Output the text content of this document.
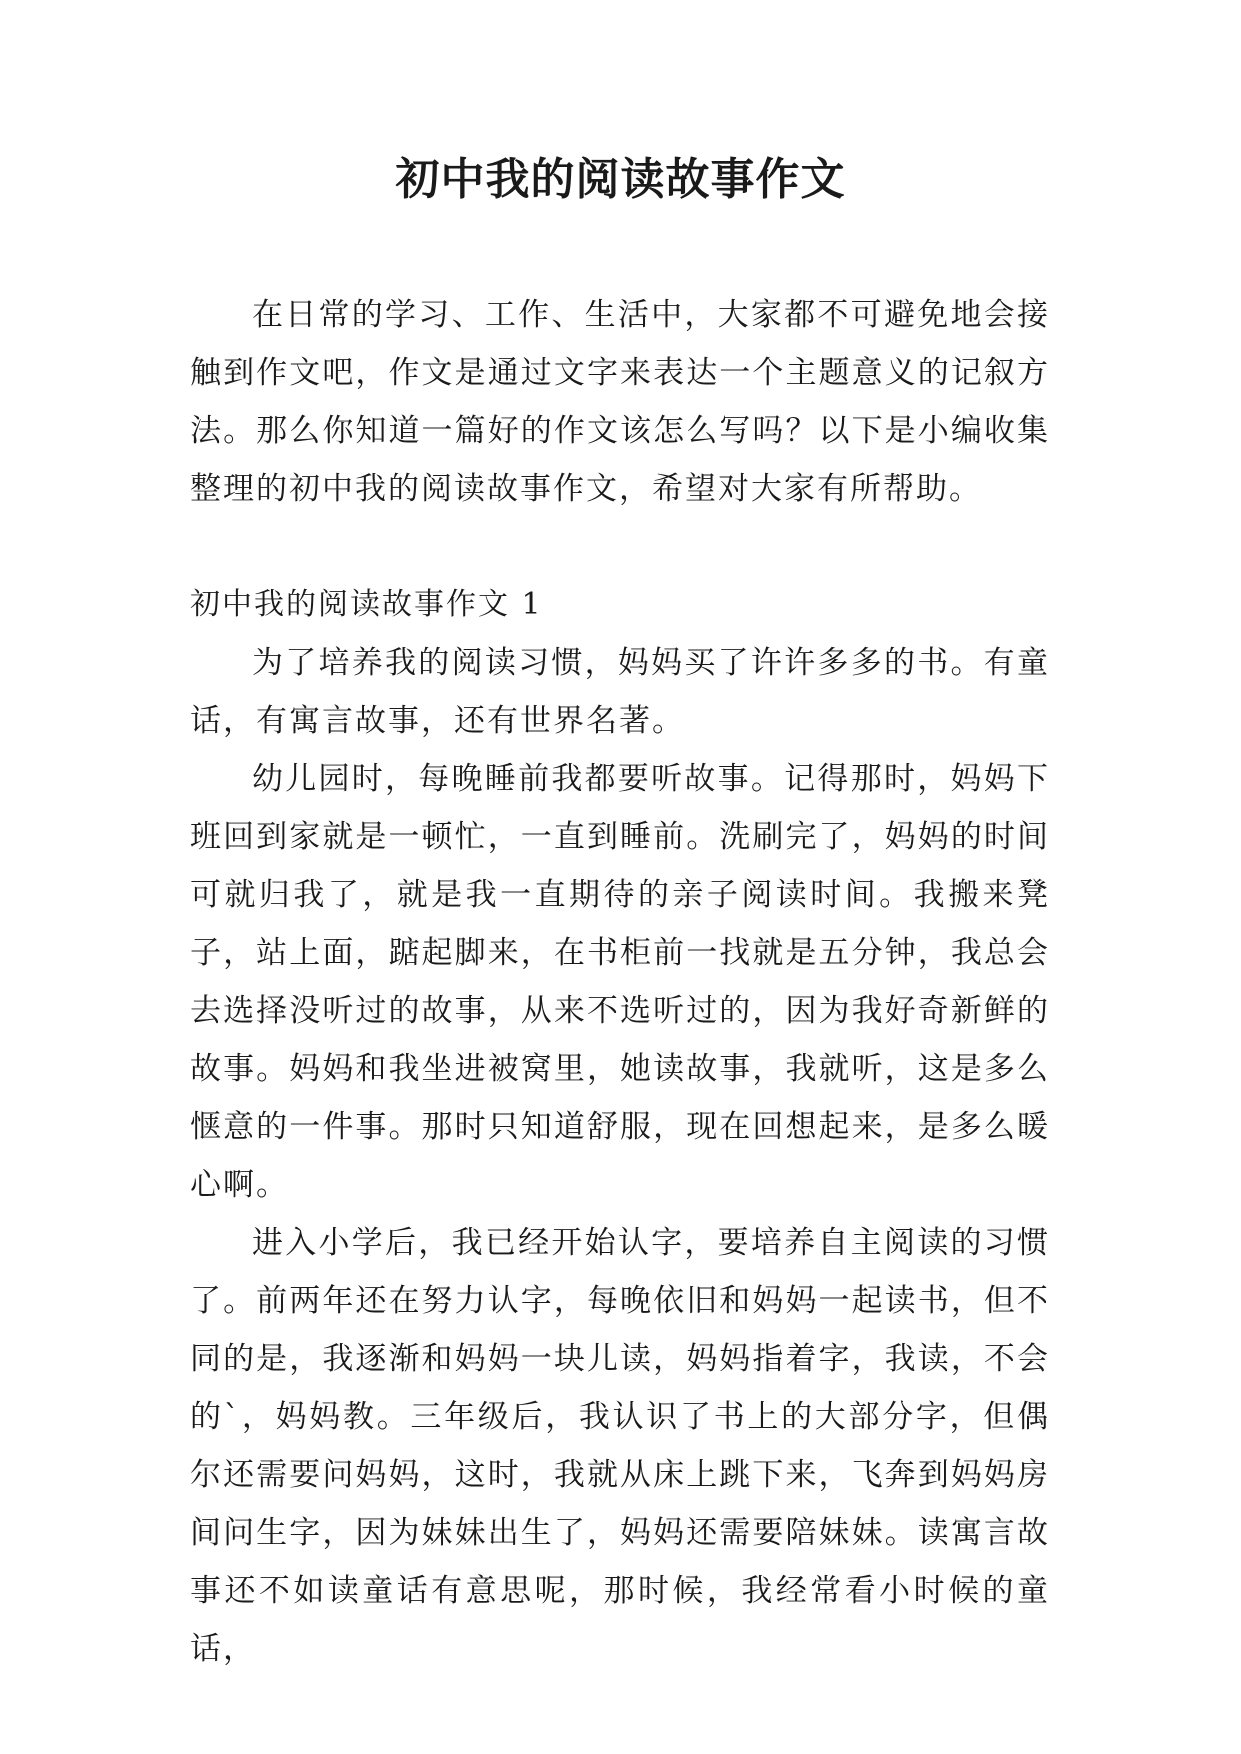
初中我的阅读故事作文

在日常的学习、工作、生活中，大家都不可避免地会接触到作文吧，作文是通过文字来表达一个主题意义的记叙方法。那么你知道一篇好的作文该怎么写吗？以下是小编收集整理的初中我的阅读故事作文，希望对大家有所帮助。

初中我的阅读故事作文 1

为了培养我的阅读习惯，妈妈买了许许多多的书。有童话，有寓言故事，还有世界名著。

幼儿园时，每晚睡前我都要听故事。记得那时，妈妈下班回到家就是一顿忙，一直到睡前。洗刷完了，妈妈的时间可就归我了，就是我一直期待的亲子阅读时间。我搬来凳子，站上面，踮起脚来，在书柜前一找就是五分钟，我总会去选择没听过的故事，从来不选听过的，因为我好奇新鲜的故事。妈妈和我坐进被窝里，她读故事，我就听，这是多么惬意的一件事。那时只知道舒服，现在回想起来，是多么暖心啊。

进入小学后，我已经开始认字，要培养自主阅读的习惯了。前两年还在努力认字，每晚依旧和妈妈一起读书，但不同的是，我逐渐和妈妈一块儿读，妈妈指着字，我读，不会的`，妈妈教。三年级后，我认识了书上的大部分字，但偶尔还需要问妈妈，这时，我就从床上跳下来，飞奔到妈妈房间问生字，因为妹妹出生了，妈妈还需要陪妹妹。读寓言故事还不如读童话有意思呢，那时候，我经常看小时候的童话，
